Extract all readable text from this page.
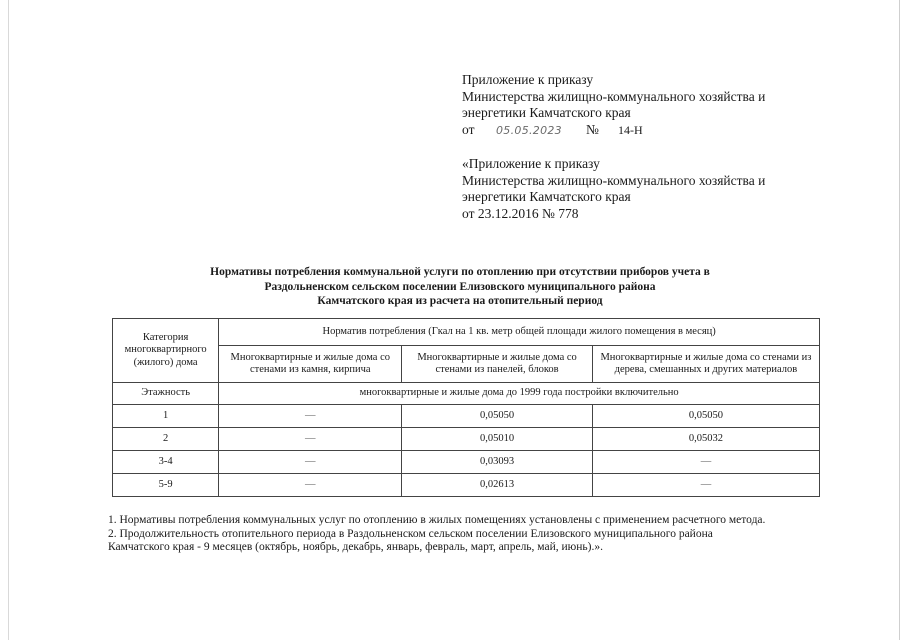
Приложение к приказу
Министерства жилищно-коммунального хозяйства и
энергетики Камчатского края
от	05.05.2023	№	14-Н
«Приложение к приказу
Министерства жилищно-коммунального хозяйства и
энергетики Камчатского края
от 23.12.2016 № 778
Нормативы потребления коммунальной услуги по отоплению при отсутствии приборов учета в
Раздольненском сельском поселении Елизовского муниципального района
Камчатского края из расчета на отопительный период
Категория многоквартирного (жилого) дома	Норматив потребления (Гкал на 1 кв. метр общей площади жилого помещения в месяц)		
	Многоквартирные и жилые дома со стенами из камня, кирпича	Многоквартирные и жилые дома со стенами из панелей, блоков	Многоквартирные и жилые дома со стенами из дерева, смешанных и других материалов
Этажность	многоквартирные и жилые дома до 1999 года постройки включительно		
1	—	0,05050	0,05050
2	—	0,05010	0,05032
3-4	—	0,03093	—
5-9	—	0,02613	—
1. Нормативы потребления коммунальных услуг по отоплению в жилых помещениях установлены с применением расчетного метода.
2. Продолжительность отопительного периода в Раздольненском сельском поселении Елизовского муниципального района
Камчатского края - 9 месяцев (октябрь, ноябрь, декабрь, январь, февраль, март, апрель, май, июнь).».
